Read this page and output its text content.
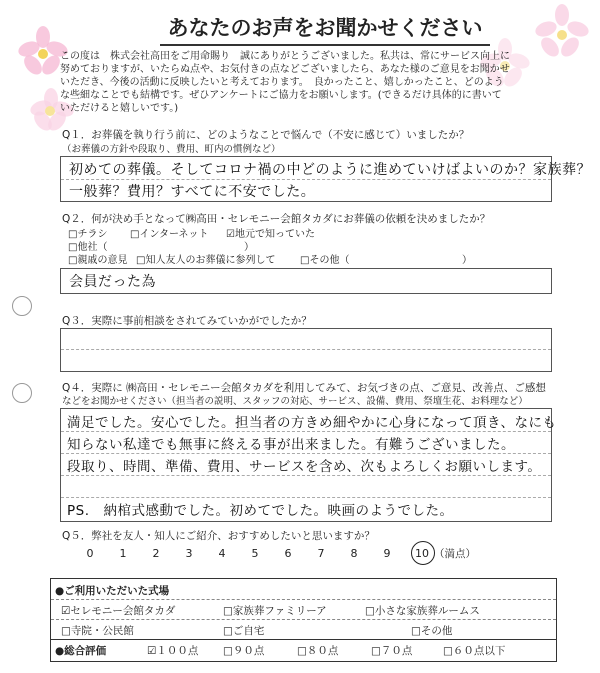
あなたのお声をお聞かせください
この度は　株式会社高田をご用命賜り　誠にありがとうございました。私共は、常にサービス向上に
努めておりますが、いたらぬ点や、お気付きの点などございましたら、あなた様のご意見をお聞かせ
いただき、今後の活動に反映したいと考えております。　良かったこと、嬉しかったこと、どのよう
な些細なことでも結構です。ぜひアンケートにご協力をお願いします。(できるだけ具体的に書いて
いただけると嬉しいです。)
Q１．お葬儀を執り行う前に、どのようなことで悩んで（不安に感じて）いましたか？
（お葬儀の方針や段取り、費用、町内の慣例など）
初めての葬儀。そしてコロナ禍の中どのように進めていけばよいのか？家族葬？
一般葬？費用？すべてに不安でした。
Q２．何が決め手となって㈱高田・セレモニー会館タカダにお葬儀の依頼を決めましたか？
□チラシ □インターネット ☑地元で知っていた
□他社（	）
□親戚の意見 □知人友人のお葬儀に参列して □その他（	）
会員だった為
Q３．実際に事前相談をされてみていかがでしたか？
Q４．実際に ㈱高田・セレモニー会館タカダを利用してみて、お気づきの点、ご意見、改善点、ご感想
などをお聞かせください（担当者の説明、スタッフの対応、サービス、設備、費用、祭壇生花、お料理など）
満足でした。安心でした。担当者の方きめ細やかに心身になって頂き、なにも
知らない私達でも無事に終える事が出来ました。有難うございました。
段取り、時間、準備、費用、サービスを含め、次もよろしくお願いします。
PS.　納棺式感動でした。初めてでした。映画のようでした。
Q５．弊社を友人・知人にご紹介、おすすめしたいと思いますか？
0	1	2	3	4	5	6	7	8	9	10 （満点）
●ご利用いただいた式場
☑セレモニー会館タカダ	□家族葬ファミリーア	□小さな家族葬ルームス
□寺院・公民館	□ご自宅	□その他
●総合評価	☑１００点 □９０点	□８０点	□７０点	□６０点以下
